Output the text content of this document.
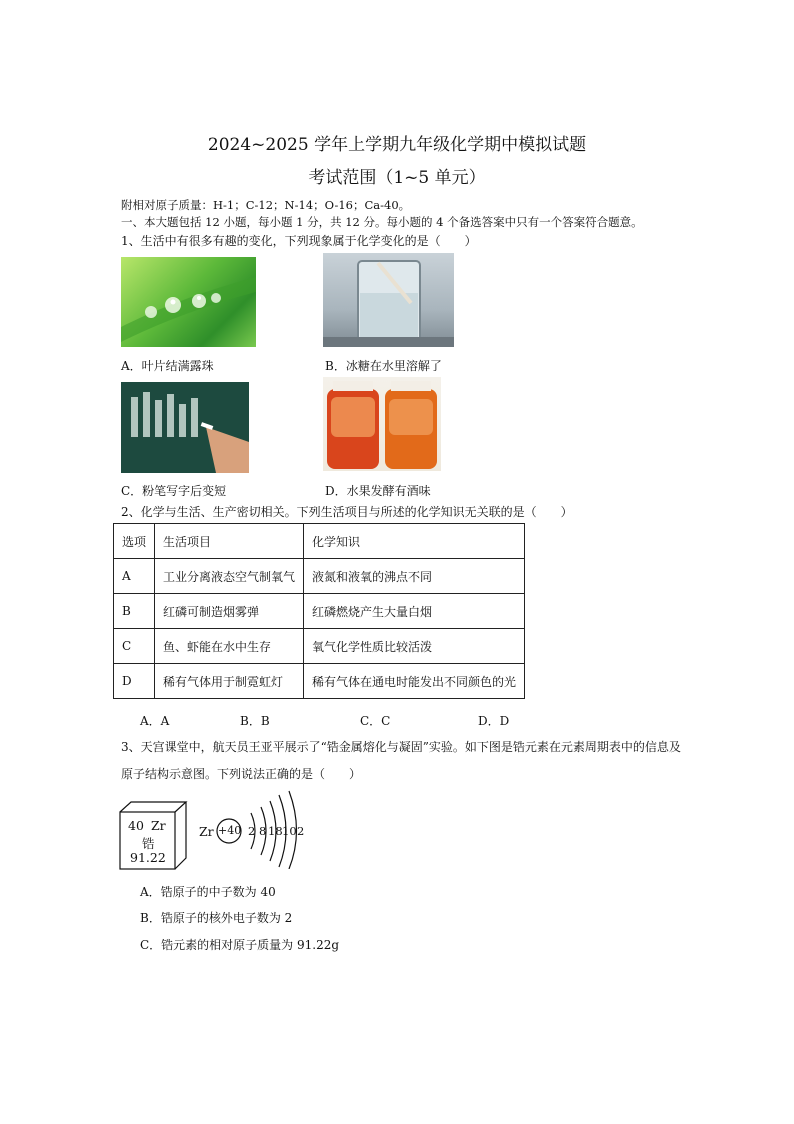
2024~2025 学年上学期九年级化学期中模拟试题
考试范围（1~5 单元）
附相对原子质量：H-1；C-12；N-14；O-16；Ca-40。
一、本大题包括 12 小题，每小题 1 分，共 12 分。每小题的 4 个备选答案中只有一个答案符合题意。
1、生活中有很多有趣的变化，下列现象属于化学变化的是（　　）
A．叶片结满露珠	B．冰糖在水里溶解了
C．粉笔写字后变短	D．水果发酵有酒味
2、化学与生活、生产密切相关。下列生活项目与所述的化学知识无关联的是（　　）
选项	生活项目	化学知识
A	工业分离液态空气制氧气	液氮和液氧的沸点不同
B	红磷可制造烟雾弹	红磷燃烧产生大量白烟
C	鱼、虾能在水中生存	氧气化学性质比较活泼
D	稀有气体用于制霓虹灯	稀有气体在通电时能发出不同颜色的光
A．A	B．B	C．C	D．D
3、天宫课堂中，航天员王亚平展示了“锆金属熔化与凝固”实验。如下图是锆元素在元素周期表中的信息及
原子结构示意图。下列说法正确的是（　　）
40 Zr
锆
91.22
Zr +40 2 8 18 10 2
A．锆原子的中子数为 40
B．锆原子的核外电子数为 2
C．锆元素的相对原子质量为 91.22g
